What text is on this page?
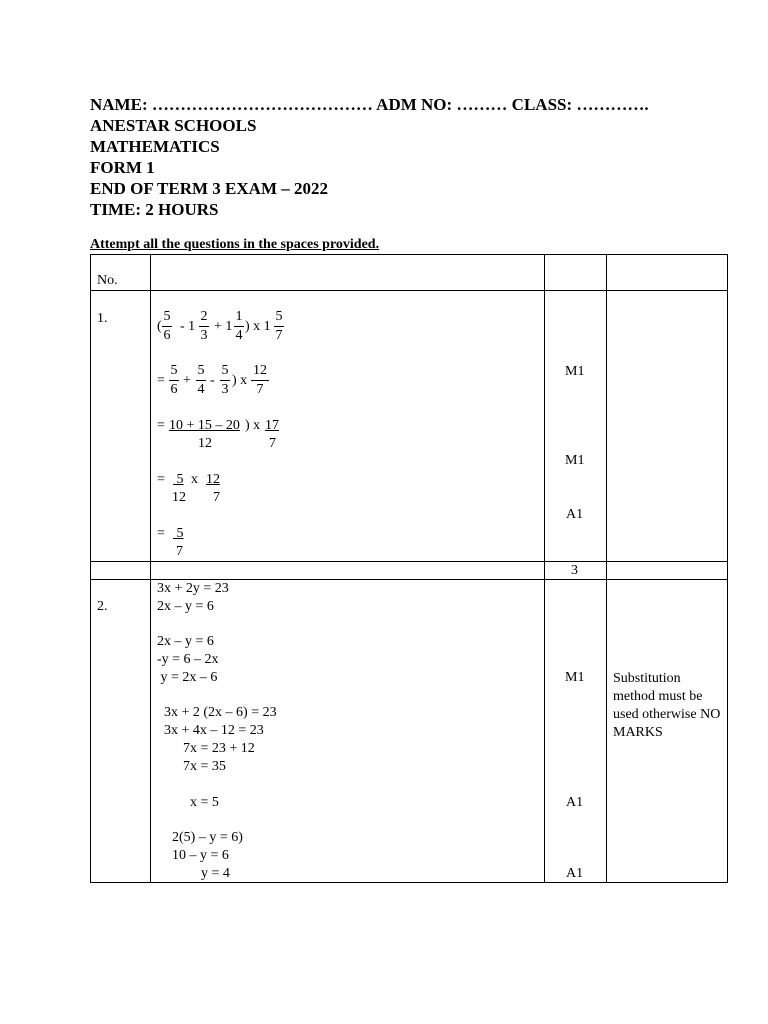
NAME: ………………………………… ADM NO: ……… CLASS: ………….
ANESTAR SCHOOLS
MATHEMATICS
FORM 1
END OF TERM 3 EXAM – 2022
TIME: 2 HOURS
Attempt all the questions in the spaces provided.
No.
1.
(
5
6
- 1
2
3
+ 1
1
4
) x 1
5
7
=
5
6
+
5
4
-
5
3
) x
12
7
= 10 + 15 – 20 ) x 17
12	7
= 5 x 12
12 7
= 5
7
M1
M1
A1
3
2.
3x + 2y = 23
2x – y = 6
2x – y = 6
-y = 6 – 2x
y = 2x – 6
3x + 2 (2x – 6) = 23
3x + 4x – 12 = 23
7x = 23 + 12
7x = 35
x = 5
2(5) – y = 6)
10 – y = 6
y = 4
M1
A1
A1
Substitution method must be used otherwise NO MARKS
